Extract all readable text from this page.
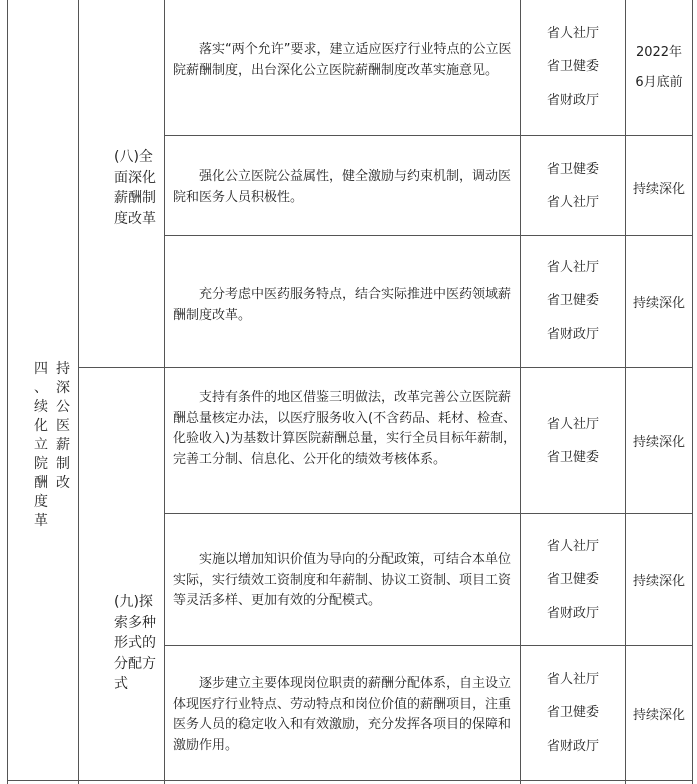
四
、
续
化
立
院
酬
度
革
持
深
公
医
薪
制
改
(八)全面深化薪酬制度改革
(九)探索多种形式的分配方式
落实“两个允许”要求，建立适应医疗行业特点的公立医院薪酬制度，出台深化公立医院薪酬制度改革实施意见。
省人社厅
省卫健委
省财政厅
2022年
6月底前
强化公立医院公益属性，健全激励与约束机制，调动医院和医务人员积极性。
省卫健委
省人社厅
持续深化
充分考虑中医药服务特点，结合实际推进中医药领域薪酬制度改革。
省人社厅
省卫健委
省财政厅
持续深化
支持有条件的地区借鉴三明做法，改革完善公立医院薪酬总量核定办法，以医疗服务收入(不含药品、耗材、检查、化验收入)为基数计算医院薪酬总量，实行全员目标年薪制，完善工分制、信息化、公开化的绩效考核体系。
省人社厅
省卫健委
持续深化
实施以增加知识价值为导向的分配政策，可结合本单位实际，实行绩效工资制度和年薪制、协议工资制、项目工资等灵活多样、更加有效的分配模式。
省人社厅
省卫健委
省财政厅
持续深化
逐步建立主要体现岗位职责的薪酬分配体系，自主设立体现医疗行业特点、劳动特点和岗位价值的薪酬项目，注重医务人员的稳定收入和有效激励，充分发挥各项目的保障和激励作用。
省人社厅
省卫健委
省财政厅
持续深化
